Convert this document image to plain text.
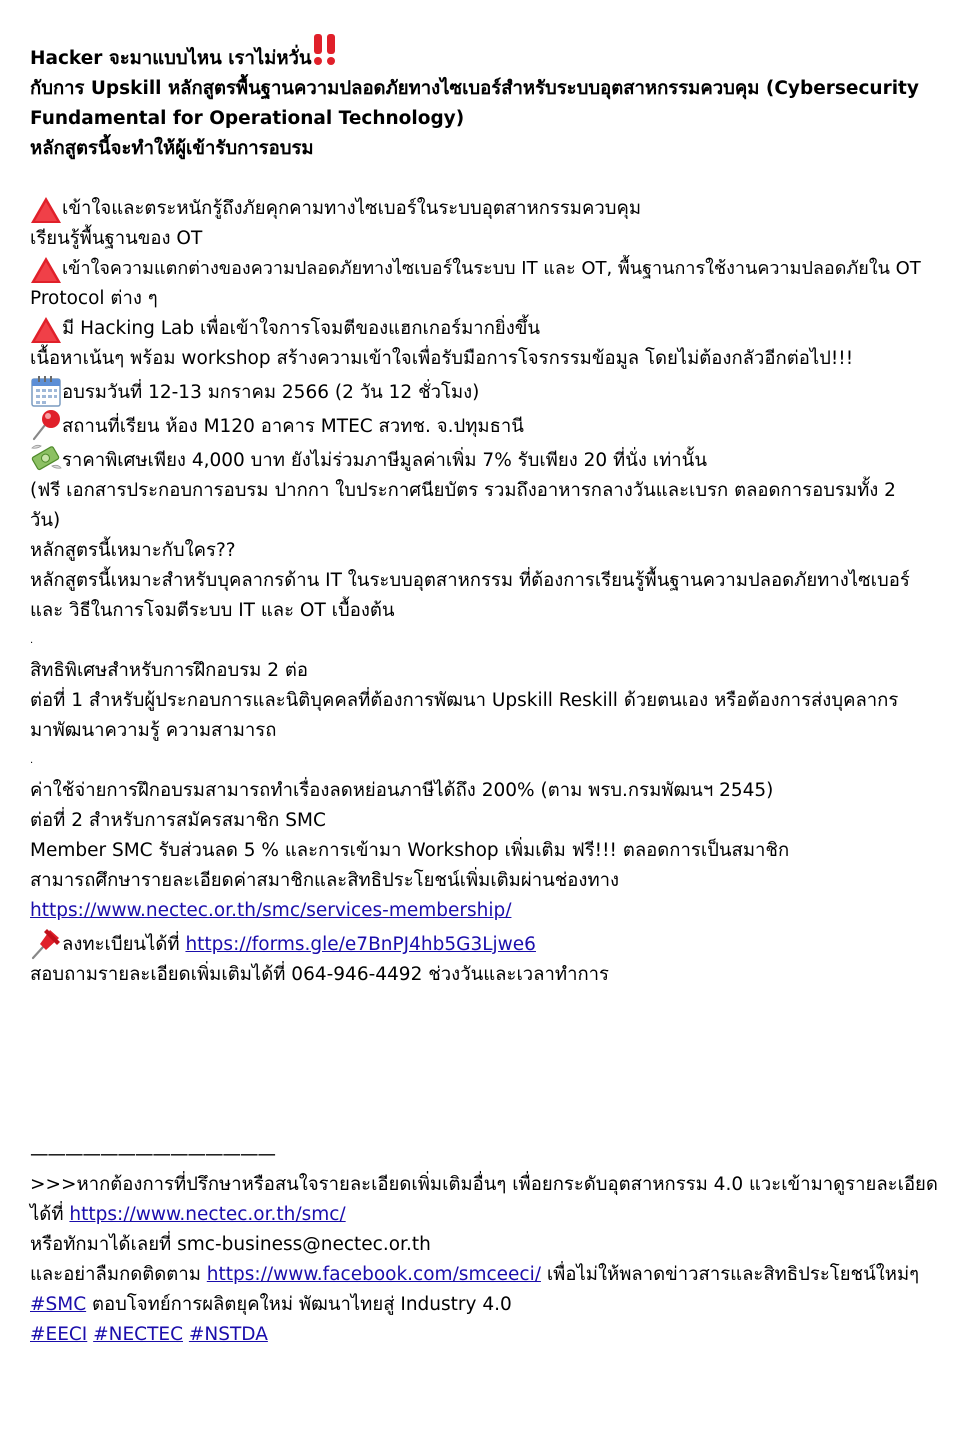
Hacker จะมาแบบไหน เราไม่หวั่น
กับการ Upskill หลักสูตรพื้นฐานความปลอดภัยทางไซเบอร์สำหรับระบบอุตสาหกรรมควบคุม (Cybersecurity
Fundamental for Operational Technology)
หลักสูตรนี้จะทำให้ผู้เข้ารับการอบรม
เข้าใจและตระหนักรู้ถึงภัยคุกคามทางไซเบอร์ในระบบอุตสาหกรรมควบคุม
เรียนรู้พื้นฐานของ OT
เข้าใจความแตกต่างของความปลอดภัยทางไซเบอร์ในระบบ IT และ OT, พื้นฐานการใช้งานความปลอดภัยใน OT
Protocol ต่าง ๆ
มี Hacking Lab เพื่อเข้าใจการโจมตีของแฮกเกอร์มากยิ่งขึ้น
เนื้อหาเน้นๆ พร้อม workshop สร้างความเข้าใจเพื่อรับมือการโจรกรรมข้อมูล โดยไม่ต้องกลัวอีกต่อไป!!!
อบรมวันที่ 12-13 มกราคม 2566 (2 วัน 12 ชั่วโมง)
สถานที่เรียน ห้อง M120 อาคาร MTEC สวทช. จ.ปทุมธานี
ราคาพิเศษเพียง 4,000 บาท ยังไม่ร่วมภาษีมูลค่าเพิ่ม 7% รับเพียง 20 ที่นั่ง เท่านั้น
(ฟรี เอกสารประกอบการอบรม ปากกา ใบประกาศนียบัตร รวมถึงอาหารกลางวันและเบรก ตลอดการอบรมทั้ง 2
วัน)
หลักสูตรนี้เหมาะกับใคร??
หลักสูตรนี้เหมาะสำหรับบุคลากรด้าน IT ในระบบอุตสาหกรรม ที่ต้องการเรียนรู้พื้นฐานความปลอดภัยทางไซเบอร์
และ วิธีในการโจมตีระบบ IT และ OT เบื้องต้น
.
สิทธิพิเศษสำหรับการฝึกอบรม 2 ต่อ
ต่อที่ 1 สำหรับผู้ประกอบการและนิติบุคคลที่ต้องการพัฒนา Upskill Reskill ด้วยตนเอง หรือต้องการส่งบุคลากร
มาพัฒนาความรู้ ความสามารถ
.
ค่าใช้จ่ายการฝึกอบรมสามารถทำเรื่องลดหย่อนภาษีได้ถึง 200% (ตาม พรบ.กรมพัฒนฯ 2545)
ต่อที่ 2 สำหรับการสมัครสมาชิก SMC
Member SMC รับส่วนลด 5 % และการเข้ามา Workshop เพิ่มเติม ฟรี!!! ตลอดการเป็นสมาชิก
สามารถศึกษารายละเอียดค่าสมาชิกและสิทธิประโยชน์เพิ่มเติมผ่านช่องทาง
https://www.nectec.or.th/smc/services-membership/
ลงทะเบียนได้ที่ https://forms.gle/e7BnPJ4hb5G3Ljwe6
สอบถามรายละเอียดเพิ่มเติมได้ที่ 064-946-4492 ช่วงวันและเวลาทำการ
——————————————
>>>หากต้องการที่ปรึกษาหรือสนใจรายละเอียดเพิ่มเติมอื่นๆ เพื่อยกระดับอุตสาหกรรม 4.0 แวะเข้ามาดูรายละเอียด
ได้ที่ https://www.nectec.or.th/smc/
หรือทักมาได้เลยที่ smc-business@nectec.or.th
และอย่าลืมกดติดตาม https://www.facebook.com/smceeci/ เพื่อไม่ให้พลาดข่าวสารและสิทธิประโยชน์ใหม่ๆ
#SMC ตอบโจทย์การผลิตยุคใหม่ พัฒนาไทยสู่ Industry 4.0
#EECI #NECTEC #NSTDA
